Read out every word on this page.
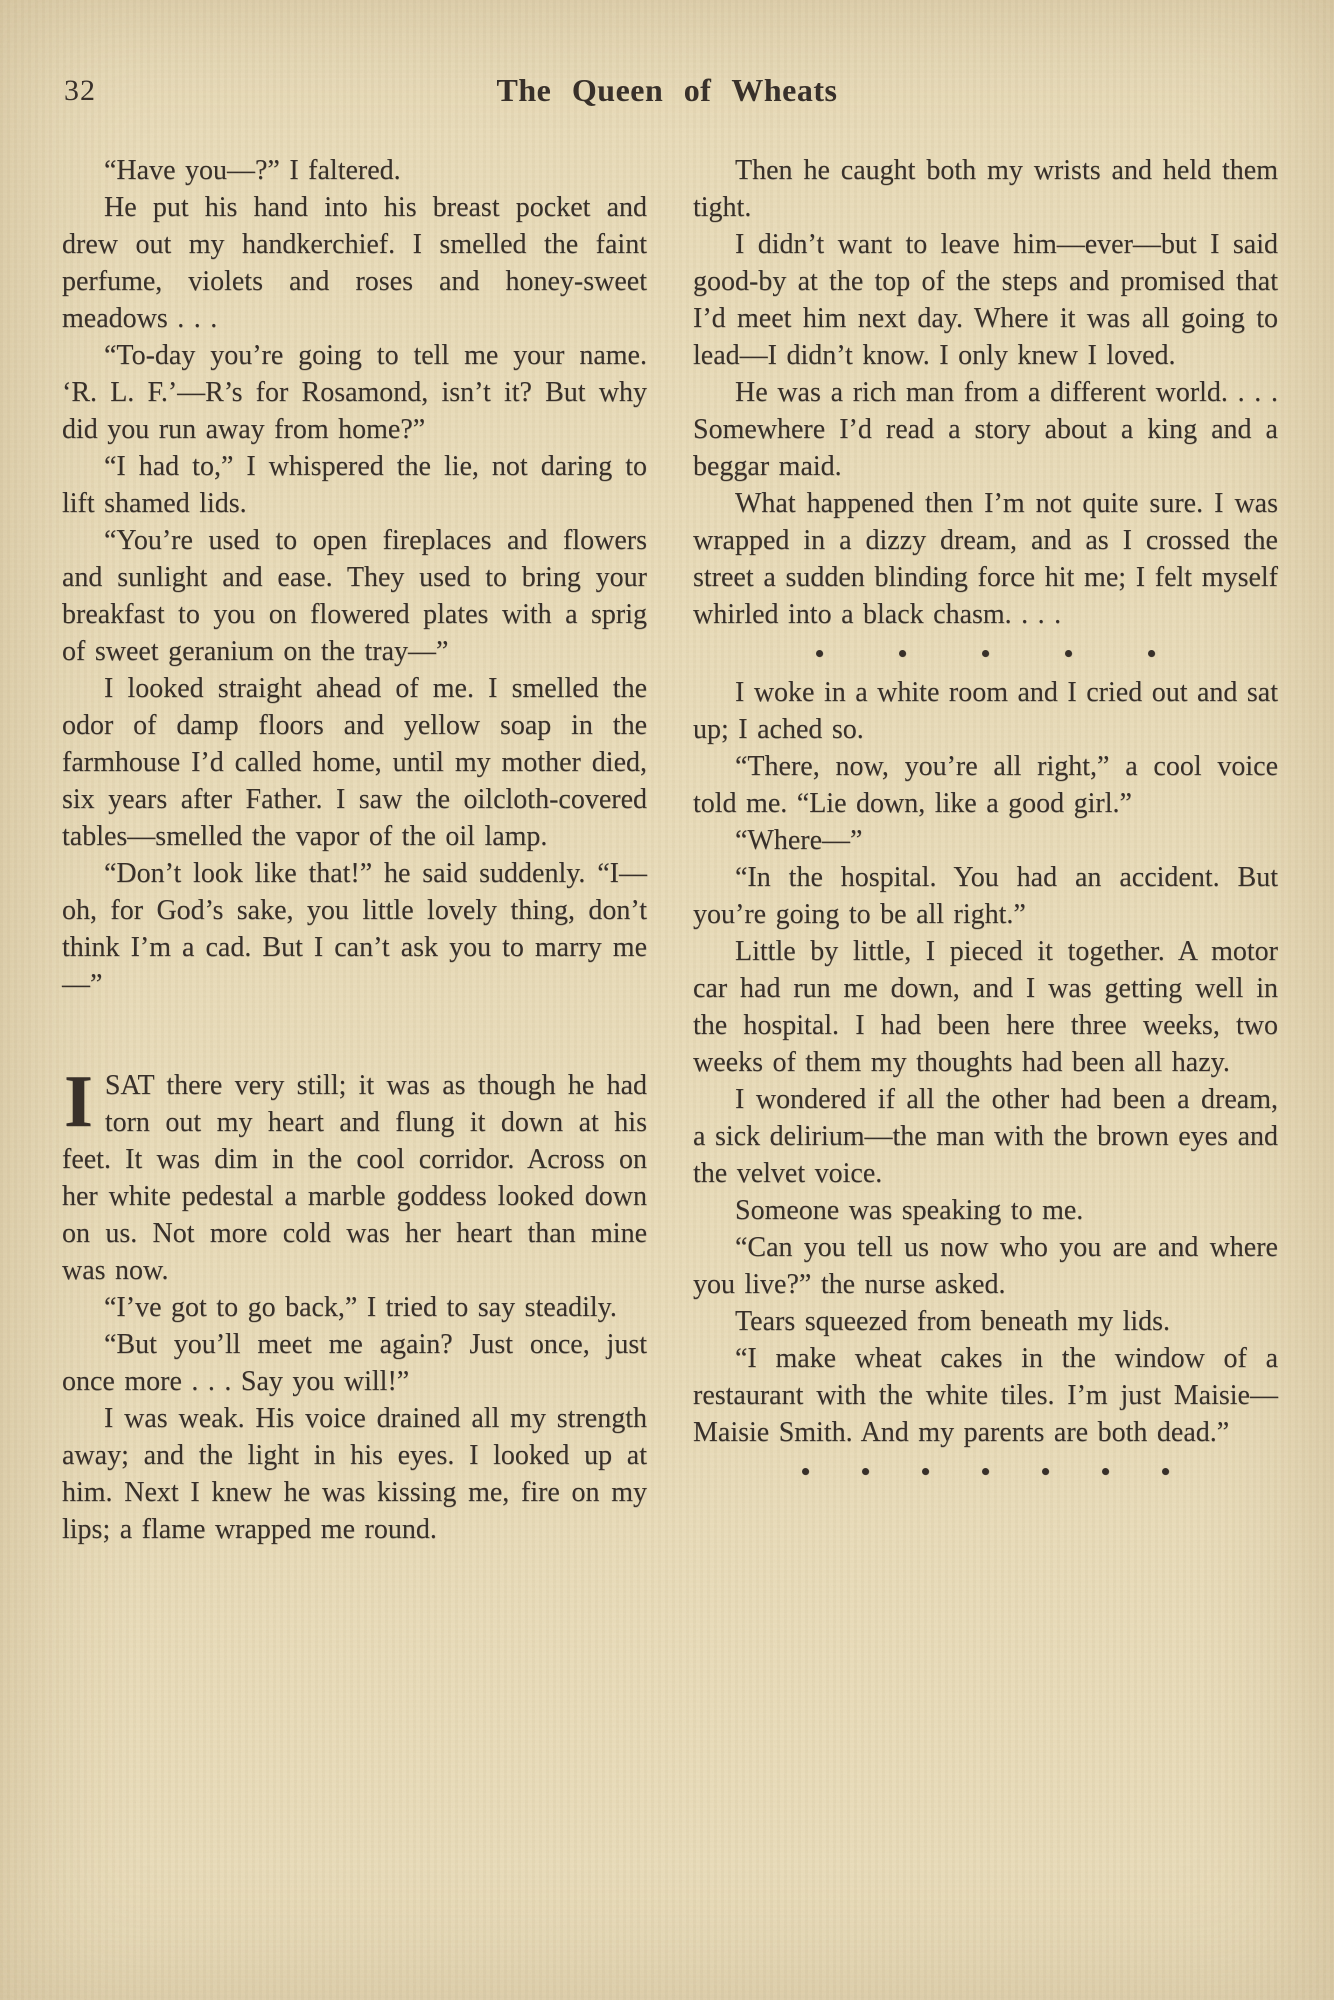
32	The Queen of Wheats

“Have you—?” I faltered.

He put his hand into his breast pocket and drew out my handkerchief. I smelled the faint perfume, violets and roses and honey-sweet meadows . . .

“To-day you’re going to tell me your name. ‘R. L. F.’—R’s for Rosamond, isn’t it? But why did you run away from home?”

“I had to,” I whispered the lie, not daring to lift shamed lids.

“You’re used to open fireplaces and flowers and sunlight and ease. They used to bring your breakfast to you on flowered plates with a sprig of sweet geranium on the tray—”

I looked straight ahead of me. I smelled the odor of damp floors and yellow soap in the farmhouse I’d called home, until my mother died, six years after Father. I saw the oilcloth-covered tables—smelled the vapor of the oil lamp.

“Don’t look like that!” he said suddenly. “I—oh, for God’s sake, you little lovely thing, don’t think I’m a cad. But I can’t ask you to marry me—”

ISAT there very still; it was as though he had torn out my heart and flung it down at his feet. It was dim in the cool corridor. Across on her white pedestal a marble goddess looked down on us. Not more cold was her heart than mine was now.

“I’ve got to go back,” I tried to say steadily.

“But you’ll meet me again? Just once, just once more . . . Say you will!”

I was weak. His voice drained all my strength away; and the light in his eyes. I looked up at him. Next I knew he was kissing me, fire on my lips; a flame wrapped me round.

Then he caught both my wrists and held them tight.

I didn’t want to leave him—ever—but I said good-by at the top of the steps and promised that I’d meet him next day. Where it was all going to lead—I didn’t know. I only knew I loved.

He was a rich man from a different world. . . . Somewhere I’d read a story about a king and a beggar maid.

What happened then I’m not quite sure. I was wrapped in a dizzy dream, and as I crossed the street a sudden blinding force hit me; I felt myself whirled into a black chasm. . . .

I woke in a white room and I cried out and sat up; I ached so.

“There, now, you’re all right,” a cool voice told me. “Lie down, like a good girl.”

“Where—”

“In the hospital. You had an accident. But you’re going to be all right.”

Little by little, I pieced it together. A motor car had run me down, and I was getting well in the hospital. I had been here three weeks, two weeks of them my thoughts had been all hazy.

I wondered if all the other had been a dream, a sick delirium—the man with the brown eyes and the velvet voice.

Someone was speaking to me.

“Can you tell us now who you are and where you live?” the nurse asked.

Tears squeezed from beneath my lids.

“I make wheat cakes in the window of a restaurant with the white tiles. I’m just Maisie—Maisie Smith. And my parents are both dead.”
